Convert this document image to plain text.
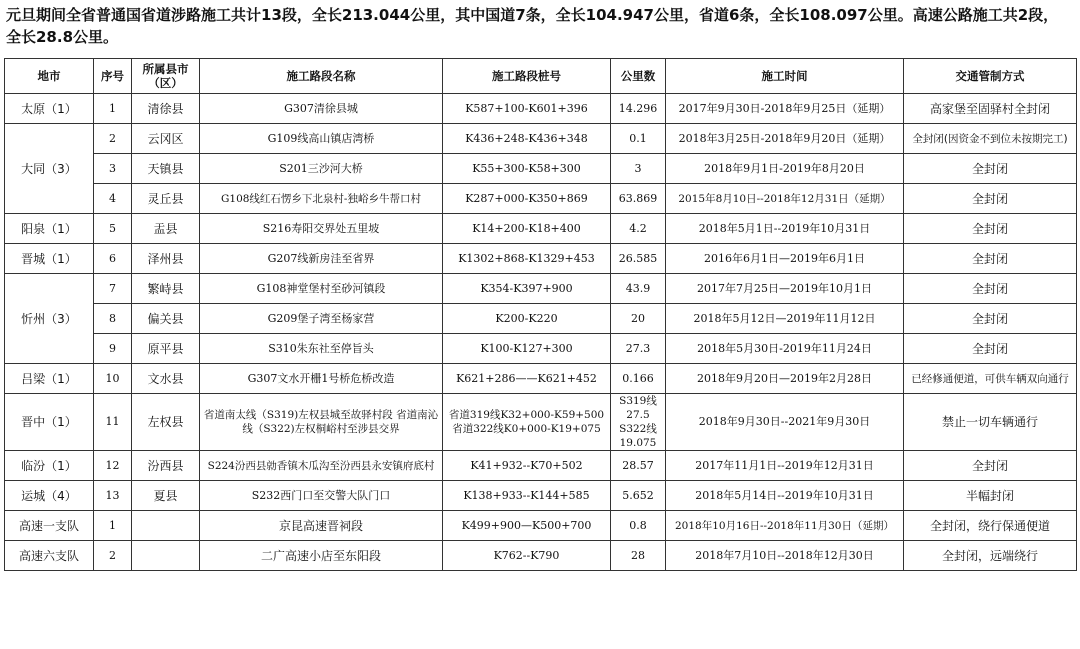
元旦期间全省普通国省道涉路施工共计13段，全长213.044公里，其中国道7条，全长104.947公里，省道6条，全长108.097公里。高速公路施工共2段，全长28.8公里。
地市	序号	所属县市（区）	施工路段名称	施工路段桩号	公里数	施工时间	交通管制方式
太原（1）	1	清徐县	G307清徐县城	K587+100-K601+396	14.296	2017年9月30日-2018年9月25日（延期）	高家堡至固驿村全封闭
大同（3）	2	云冈区	G109线高山镇店湾桥	K436+248-K436+348	0.1	2018年3月25日-2018年9月20日（延期）	全封闭(因资金不到位未按期完工)
	3	天镇县	S201三沙河大桥	K55+300-K58+300	3	2018年9月1日-2019年8月20日	全封闭
	4	灵丘县	G108线红石愣乡下北泉村-独峪乡牛帮口村	K287+000-K350+869	63.869	2015年8月10日--2018年12月31日（延期）	全封闭
阳泉（1）	5	盂县	S216寿阳交界处五里坡	K14+200-K18+400	4.2	2018年5月1日--2019年10月31日	全封闭
晋城（1）	6	泽州县	G207线新房洼至省界	K1302+868-K1329+453	26.585	2016年6月1日—2019年6月1日	全封闭
忻州（3）	7	繁峙县	G108神堂堡村至砂河镇段	K354-K397+900	43.9	2017年7月25日—2019年10月1日	全封闭
	8	偏关县	G209堡子湾至杨家营	K200-K220	20	2018年5月12日—2019年11月12日	全封闭
	9	原平县	S310朱东社至停旨头	K100-K127+300	27.3	2018年5月30日-2019年11月24日	全封闭
吕梁（1）	10	文水县	G307文水开栅1号桥危桥改造	K621+286——K621+452	0.166	2018年9月20日—2019年2月28日	已经修通便道，可供车辆双向通行
晋中（1）	11	左权县	省道南太线（S319)左权县城至故驿村段 省道南沁线（S322)左权桐峪村至涉县交界	省道319线K32+000-K59+500 省道322线K0+000-K19+075	S319线 27.5 S322线 19.075	2018年9月30日--2021年9月30日	禁止一切车辆通行
临汾（1）	12	汾西县	S224汾西县勍香镇木瓜沟至汾西县永安镇府底村	K41+932--K70+502	28.57	2017年11月1日--2019年12月31日	全封闭
运城（4）	13	夏县	S232西门口至交警大队门口	K138+933--K144+585	5.652	2018年5月14日--2019年10月31日	半幅封闭
高速一支队	1		京昆高速晋祠段	K499+900—K500+700	0.8	2018年10月16日--2018年11月30日（延期）	全封闭，绕行保通便道
高速六支队	2		二广高速小店至东阳段	K762--K790	28	2018年7月10日--2018年12月30日	全封闭，远端绕行
